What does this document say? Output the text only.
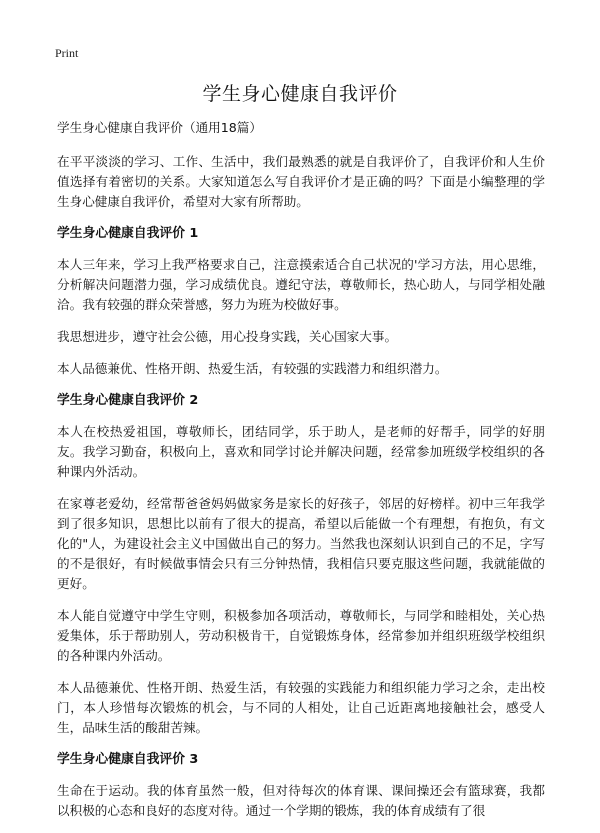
Print
学生身心健康自我评价

学生身心健康自我评价（通用18篇）

在平平淡淡的学习、工作、生活中，我们最熟悉的就是自我评价了，自我评价和人生价值选择有着密切的关系。大家知道怎么写自我评价才是正确的吗？下面是小编整理的学生身心健康自我评价，希望对大家有所帮助。

学生身心健康自我评价 1

本人三年来，学习上我严格要求自己，注意摸索适合自己状况的'学习方法，用心思维，分析解决问题潜力强，学习成绩优良。遵纪守法，尊敬师长，热心助人，与同学相处融洽。我有较强的群众荣誉感，努力为班为校做好事。

我思想进步，遵守社会公德，用心投身实践，关心国家大事。

本人品德兼优、性格开朗、热爱生活，有较强的实践潜力和组织潜力。

学生身心健康自我评价 2

本人在校热爱祖国，尊敬师长，团结同学，乐于助人，是老师的好帮手，同学的好朋友。我学习勤奋，积极向上，喜欢和同学讨论并解决问题，经常参加班级学校组织的各种课内外活动。

在家尊老爱幼，经常帮爸爸妈妈做家务是家长的好孩子，邻居的好榜样。初中三年我学到了很多知识，思想比以前有了很大的提高，希望以后能做一个有理想，有抱负，有文化的"人，为建设社会主义中国做出自己的努力。当然我也深刻认识到自己的不足，字写的不是很好，有时候做事情会只有三分钟热情，我相信只要克服这些问题，我就能做的更好。

本人能自觉遵守中学生守则，积极参加各项活动，尊敬师长，与同学和睦相处，关心热爱集体，乐于帮助别人，劳动积极肯干，自觉锻炼身体，经常参加并组织班级学校组织的各种课内外活动。

本人品德兼优、性格开朗、热爱生活，有较强的实践能力和组织能力学习之余，走出校门，本人珍惜每次锻炼的机会，与不同的人相处，让自己近距离地接触社会，感受人生，品味生活的酸甜苦辣。

学生身心健康自我评价 3

生命在于运动。我的体育虽然一般，但对待每次的体育课、课间操还会有篮球赛，我都以积极的心态和良好的态度对待。通过一个学期的锻炼，我的体育成绩有了很
